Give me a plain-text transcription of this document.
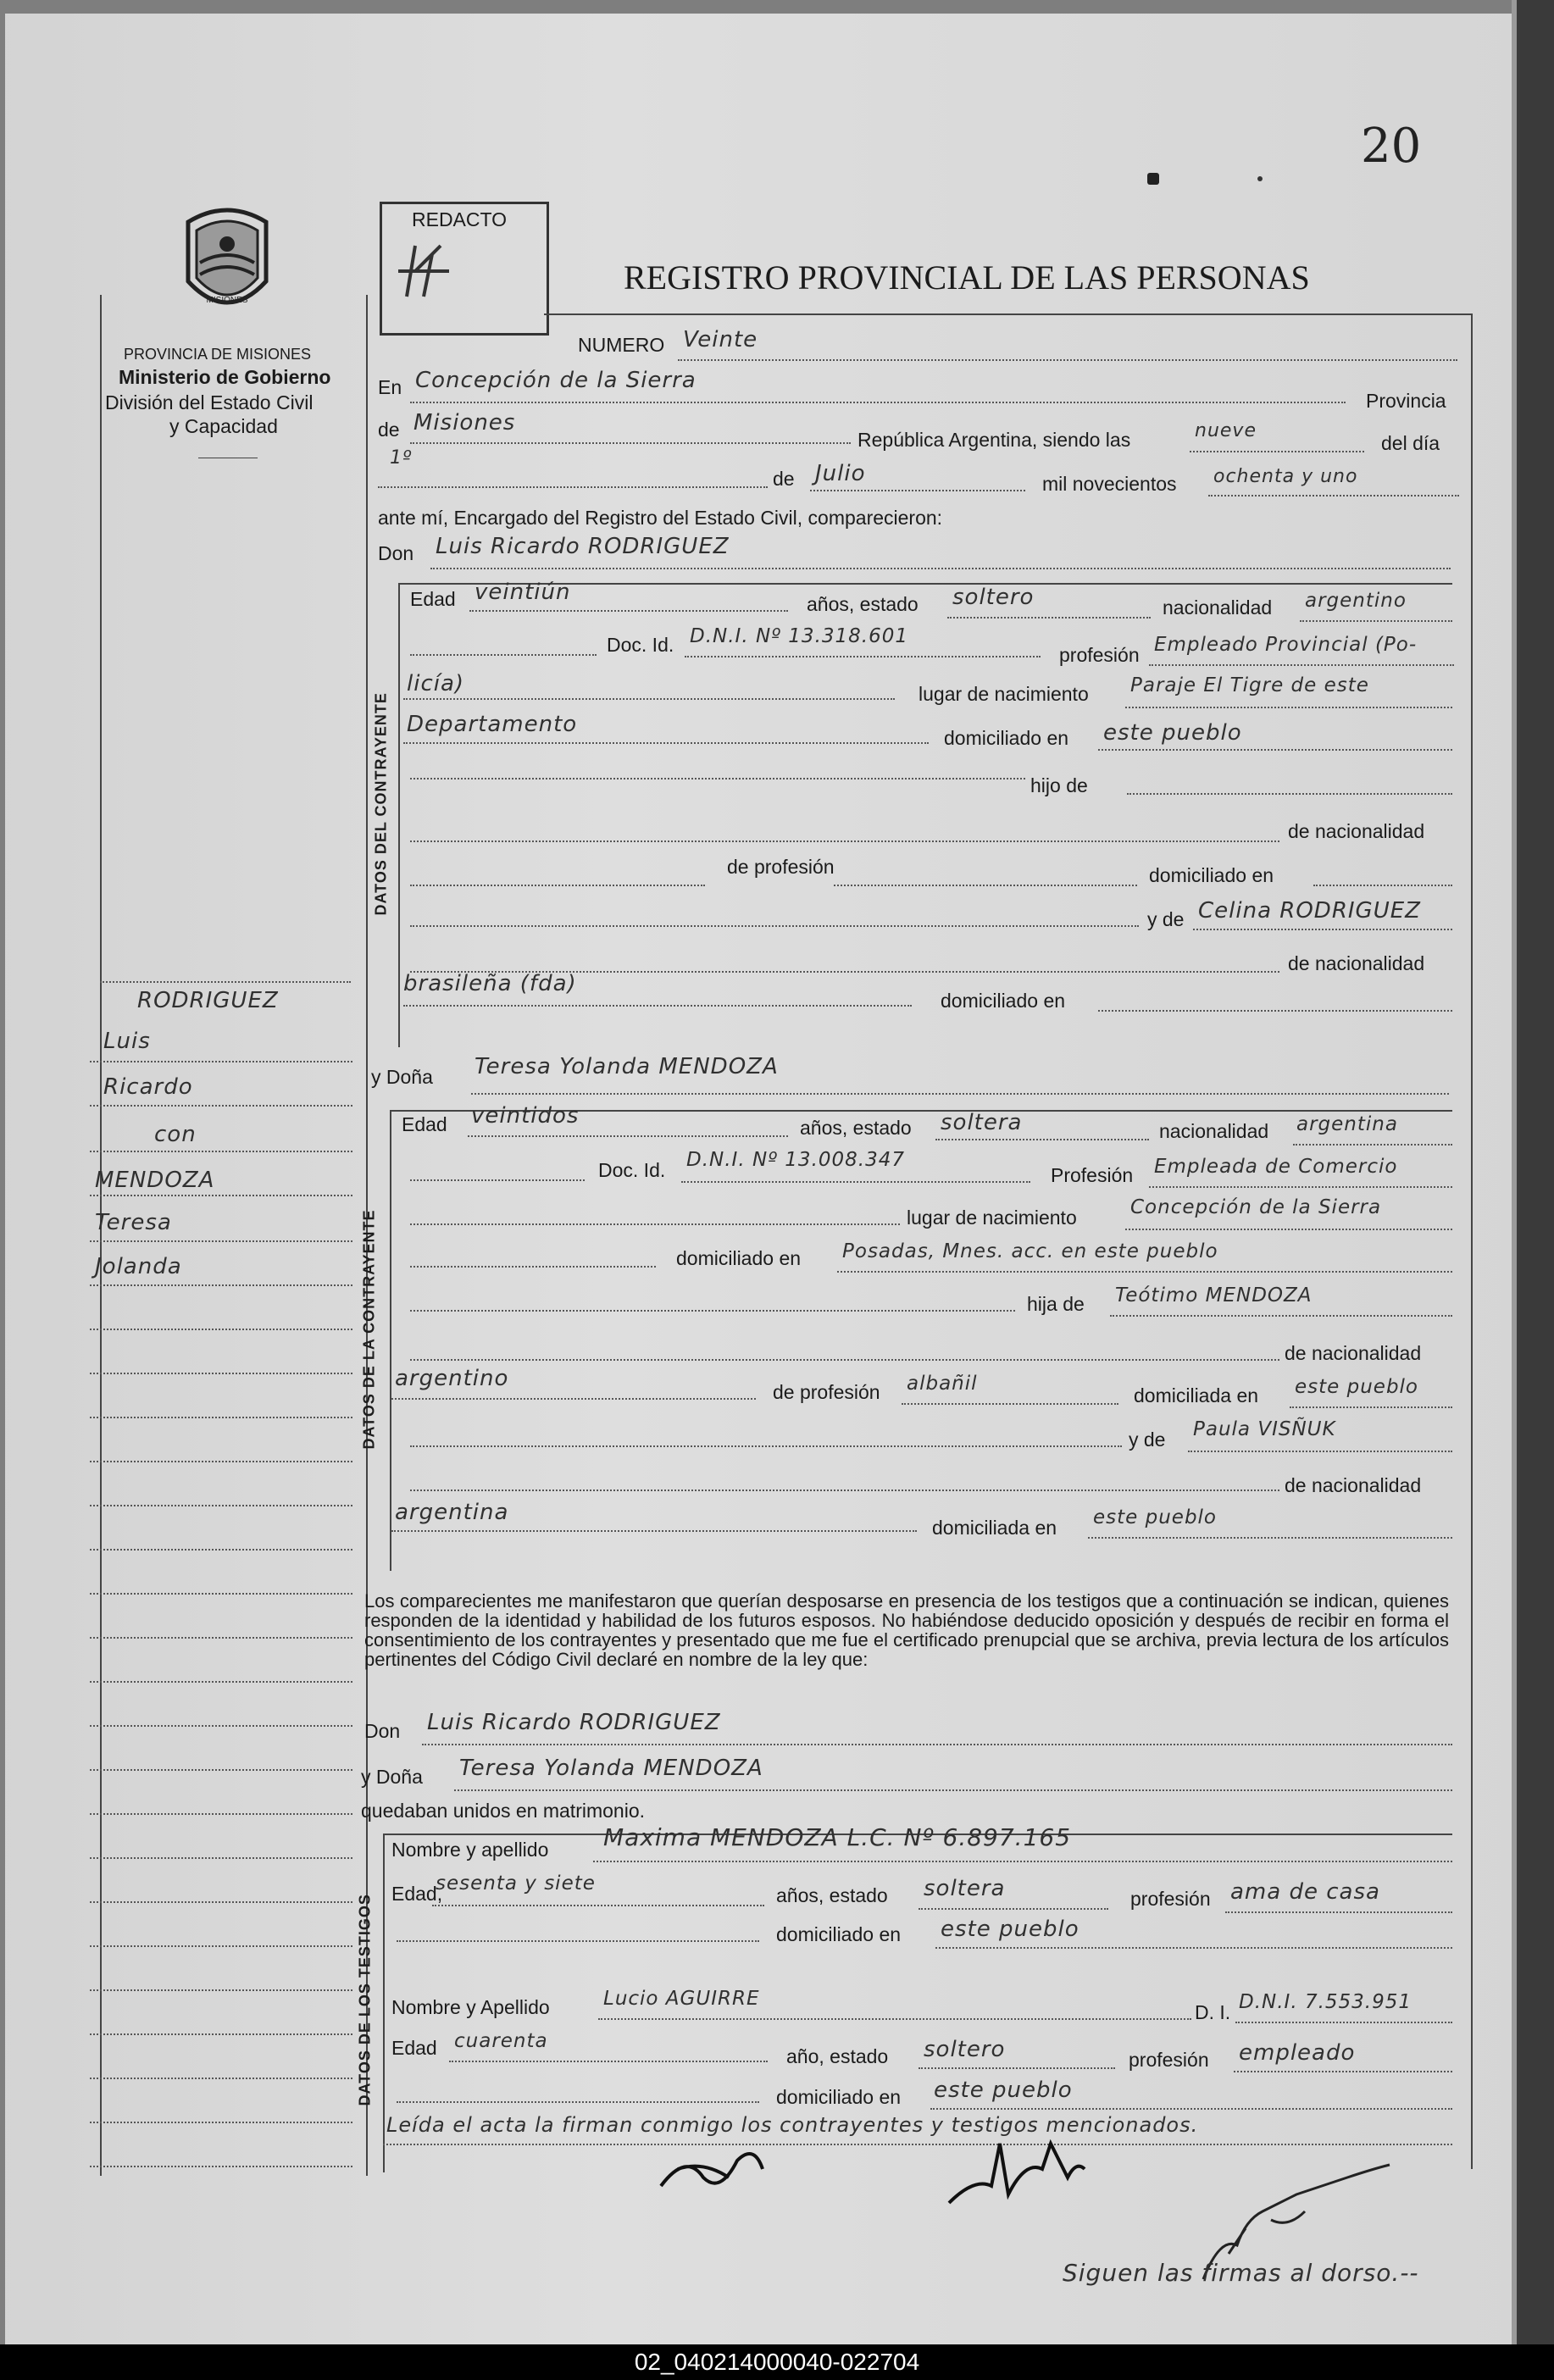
20
MISIONES
PROVINCIA DE MISIONES
Ministerio de Gobierno
División del Estado Civil
y Capacidad
REDACTO
REGISTRO PROVINCIAL DE LAS PERSONAS
RODRIGUEZ
Luis
Ricardo
con
MENDOZA
Teresa
Jolanda
NUMERO Veinte
En Concepción de la Sierra
Provincia
de Misiones
República Argentina, siendo las	nueve
del día
1º
de Julio	mil novecientos ochenta y uno
ante mí, Encargado del Registro del Estado Civil, comparecieron:
Don Luis Ricardo RODRIGUEZ
DATOS DEL CONTRAYENTE
Edad veintiún	años, estado soltero	nacionalidad argentino
Doc. Id. D.N.I. Nº 13.318.601
profesión Empleado Provincial (Po-
licía)	lugar de nacimiento Paraje El Tigre de este
Departamento
domiciliado en este pueblo
hijo de
de nacionalidad
de profesión	domiciliado en
y de Celina RODRIGUEZ
de nacionalidad
brasileña (fda)
domiciliado en
y Doña Teresa Yolanda MENDOZA
DATOS DE LA CONTRAYENTE
Edad veintidos	años, estado soltera	nacionalidad argentina
Doc. Id. D.N.I. Nº 13.008.347
Profesión Empleada de Comercio
lugar de nacimiento	Concepción de la Sierra
domiciliado en Posadas, Mnes. acc. en este pueblo
hija de Teótimo MENDOZA
de nacionalidad
argentino
de profesión albañil
domiciliada en este pueblo
y de Paula VISÑUK
de nacionalidad
argentina
domiciliada en este pueblo
Los comparecientes me manifestaron que querían desposarse en presencia de los testigos que a continuación se indican, quienes responden de la identidad y habilidad de los futuros esposos. No habiéndose deducido oposición y después de recibir en forma el consentimiento de los contrayentes y presentado que me fue el certificado prenupcial que se archiva, previa lectura de los artículos pertinentes del Código Civil declaré en nombre de la ley que:
Don Luis Ricardo RODRIGUEZ
y Doña Teresa Yolanda MENDOZA
quedaban unidos en matrimonio.
DATOS DE LOS TESTIGOS
Nombre y apellido Maxima MENDOZA L.C. Nº 6.897.165
Edad,
sesenta y siete
años, estado soltera	profesión ama de casa
domiciliado en este pueblo
Nombre y Apellido	Lucio AGUIRRE
D. I. D.N.I. 7.553.951
Edad cuarenta
año, estado soltero	profesión empleado
domiciliado en este pueblo
Leída el acta la firman conmigo los contrayentes y testigos mencionados.
Siguen las firmas al dorso.--
02_040214000040-022704
